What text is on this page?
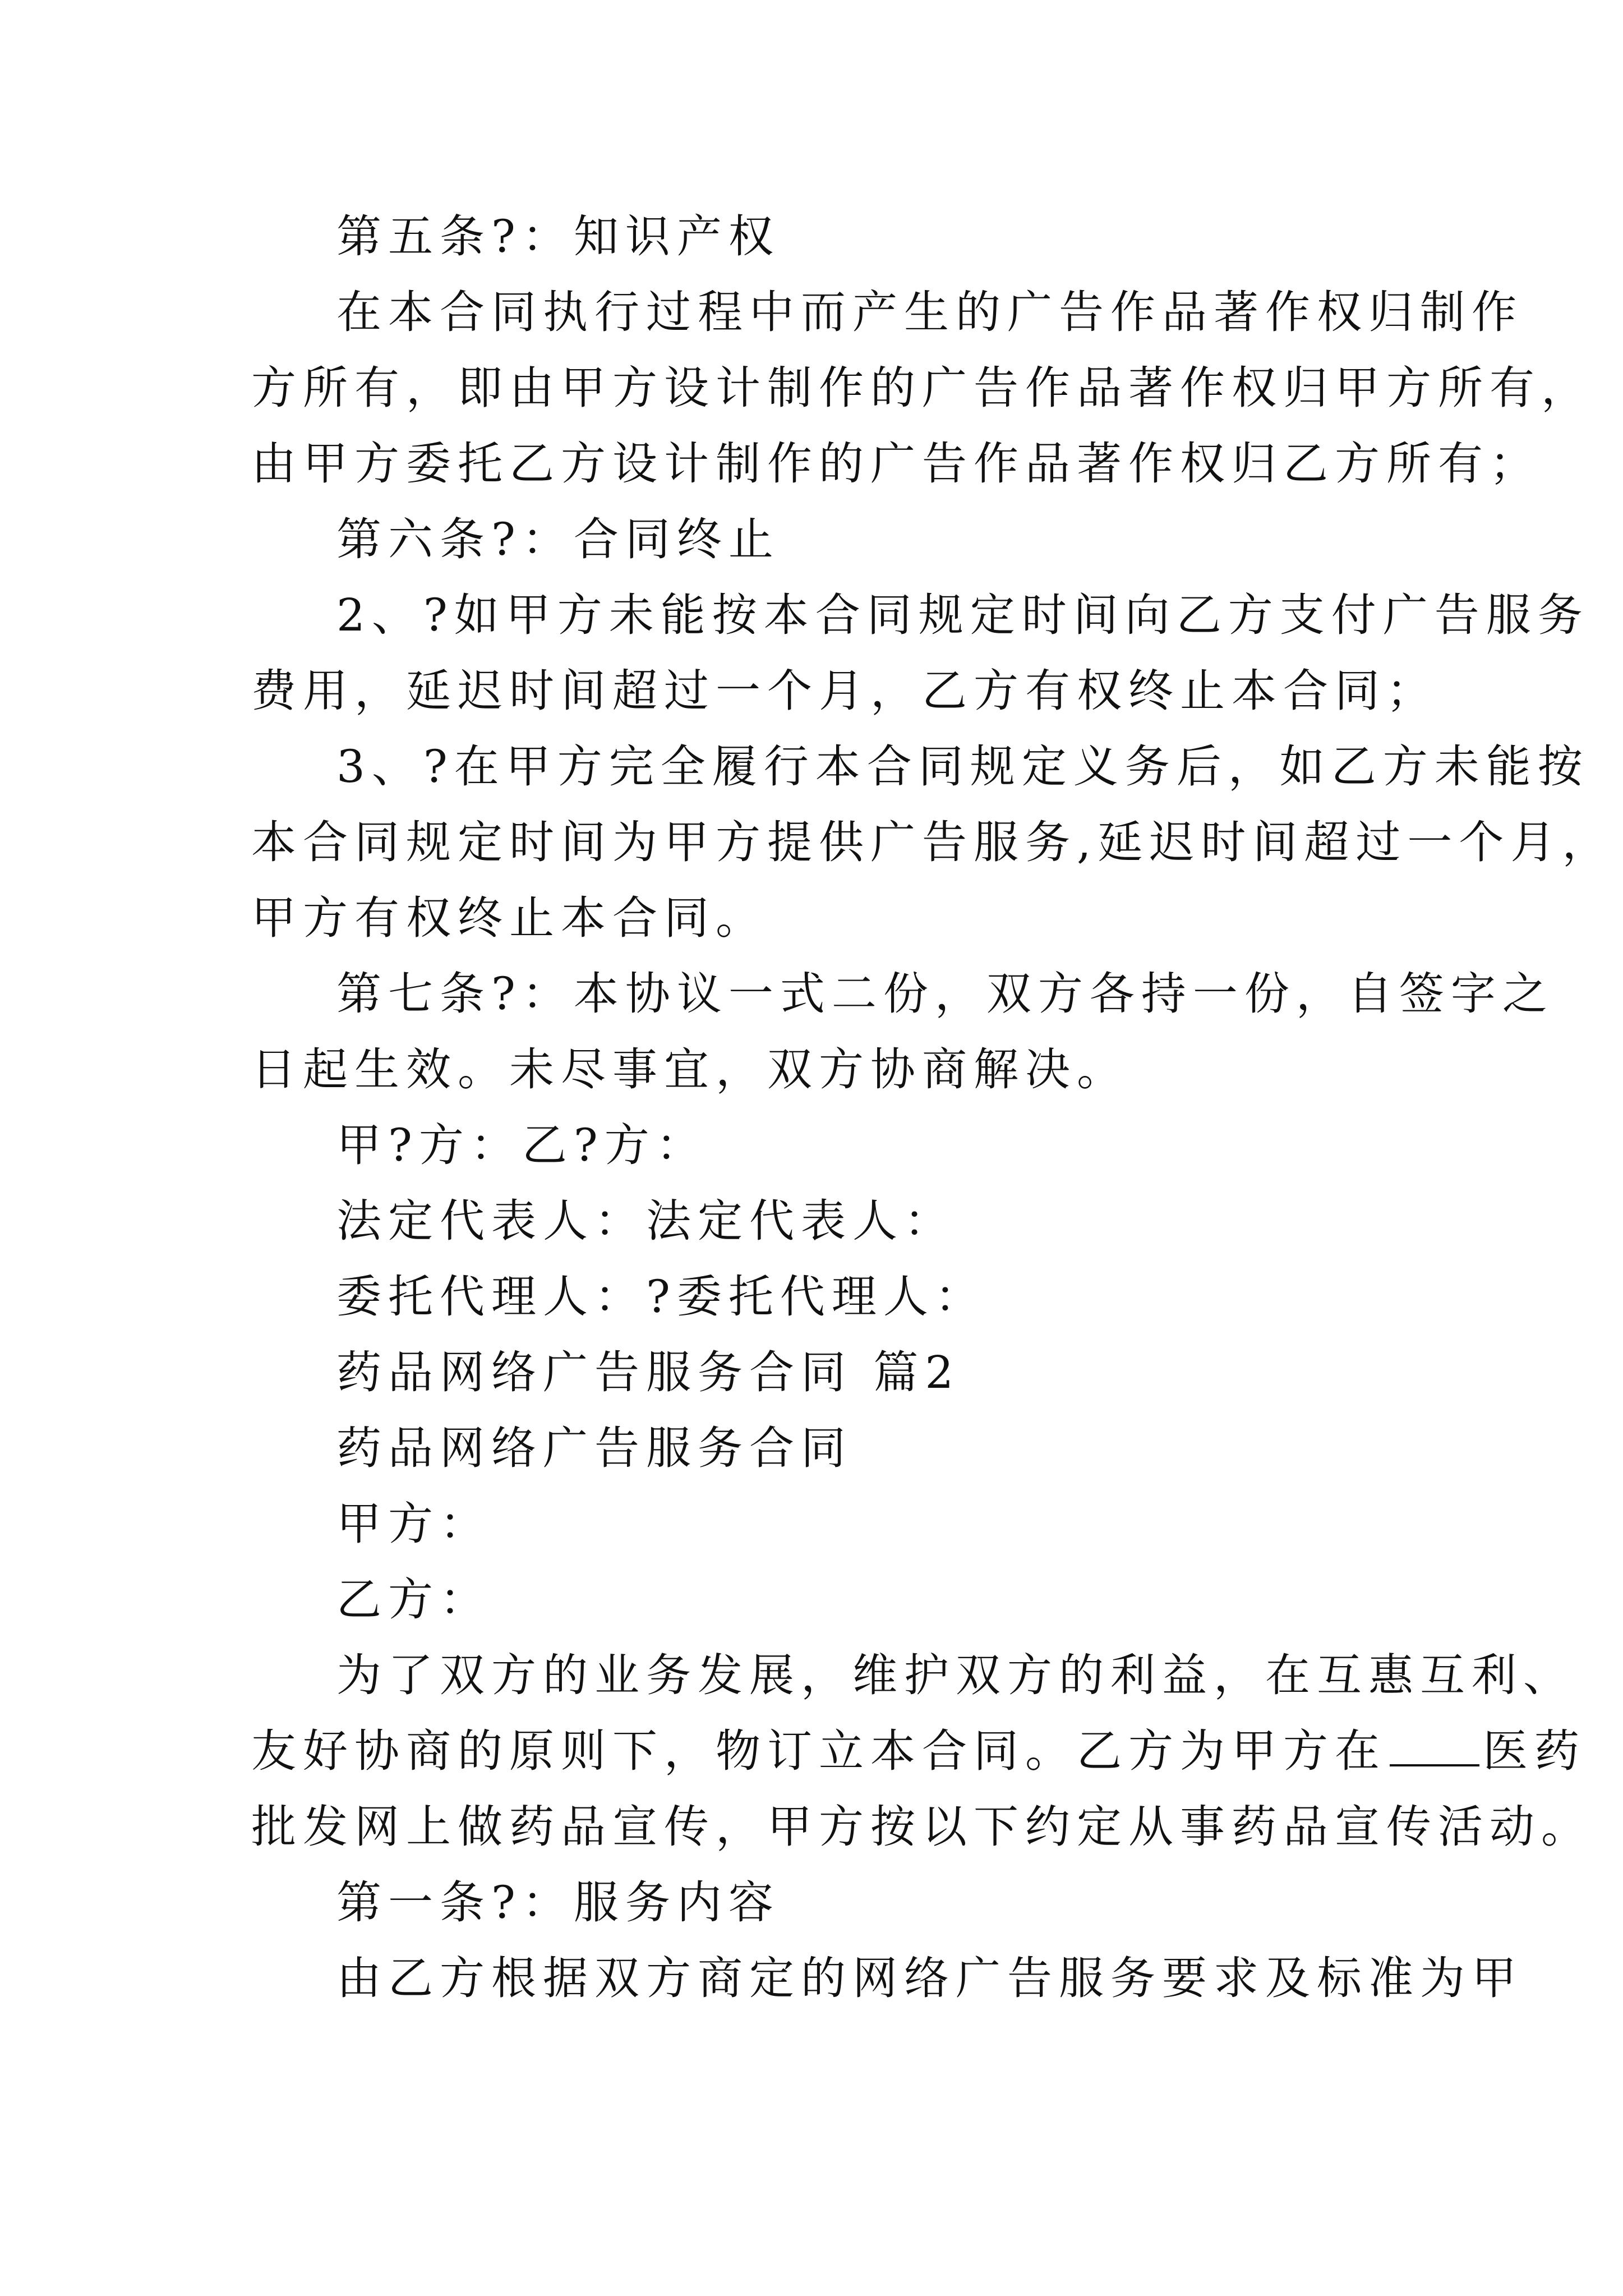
第五条?：知识产权
在本合同执行过程中而产生的广告作品著作权归制作
方所有，即由甲方设计制作的广告作品著作权归甲方所有，
由甲方委托乙方设计制作的广告作品著作权归乙方所有；
第六条?：合同终止
2、?如甲方未能按本合同规定时间向乙方支付广告服务
费用，延迟时间超过一个月，乙方有权终止本合同；
3、?在甲方完全履行本合同规定义务后，如乙方未能按
本合同规定时间为甲方提供广告服务,延迟时间超过一个月，
甲方有权终止本合同。
第七条?：本协议一式二份，双方各持一份，自签字之
日起生效。未尽事宜，双方协商解决。
甲?方：乙?方：
法定代表人：法定代表人：
委托代理人：?委托代理人：
药品网络广告服务合同 篇2
药品网络广告服务合同
甲方：
乙方：
为了双方的业务发展，维护双方的利益，在互惠互利、
友好协商的原则下，物订立本合同。乙方为甲方在 医药
批发网上做药品宣传，甲方按以下约定从事药品宣传活动。
第一条?：服务内容
由乙方根据双方商定的网络广告服务要求及标准为甲
